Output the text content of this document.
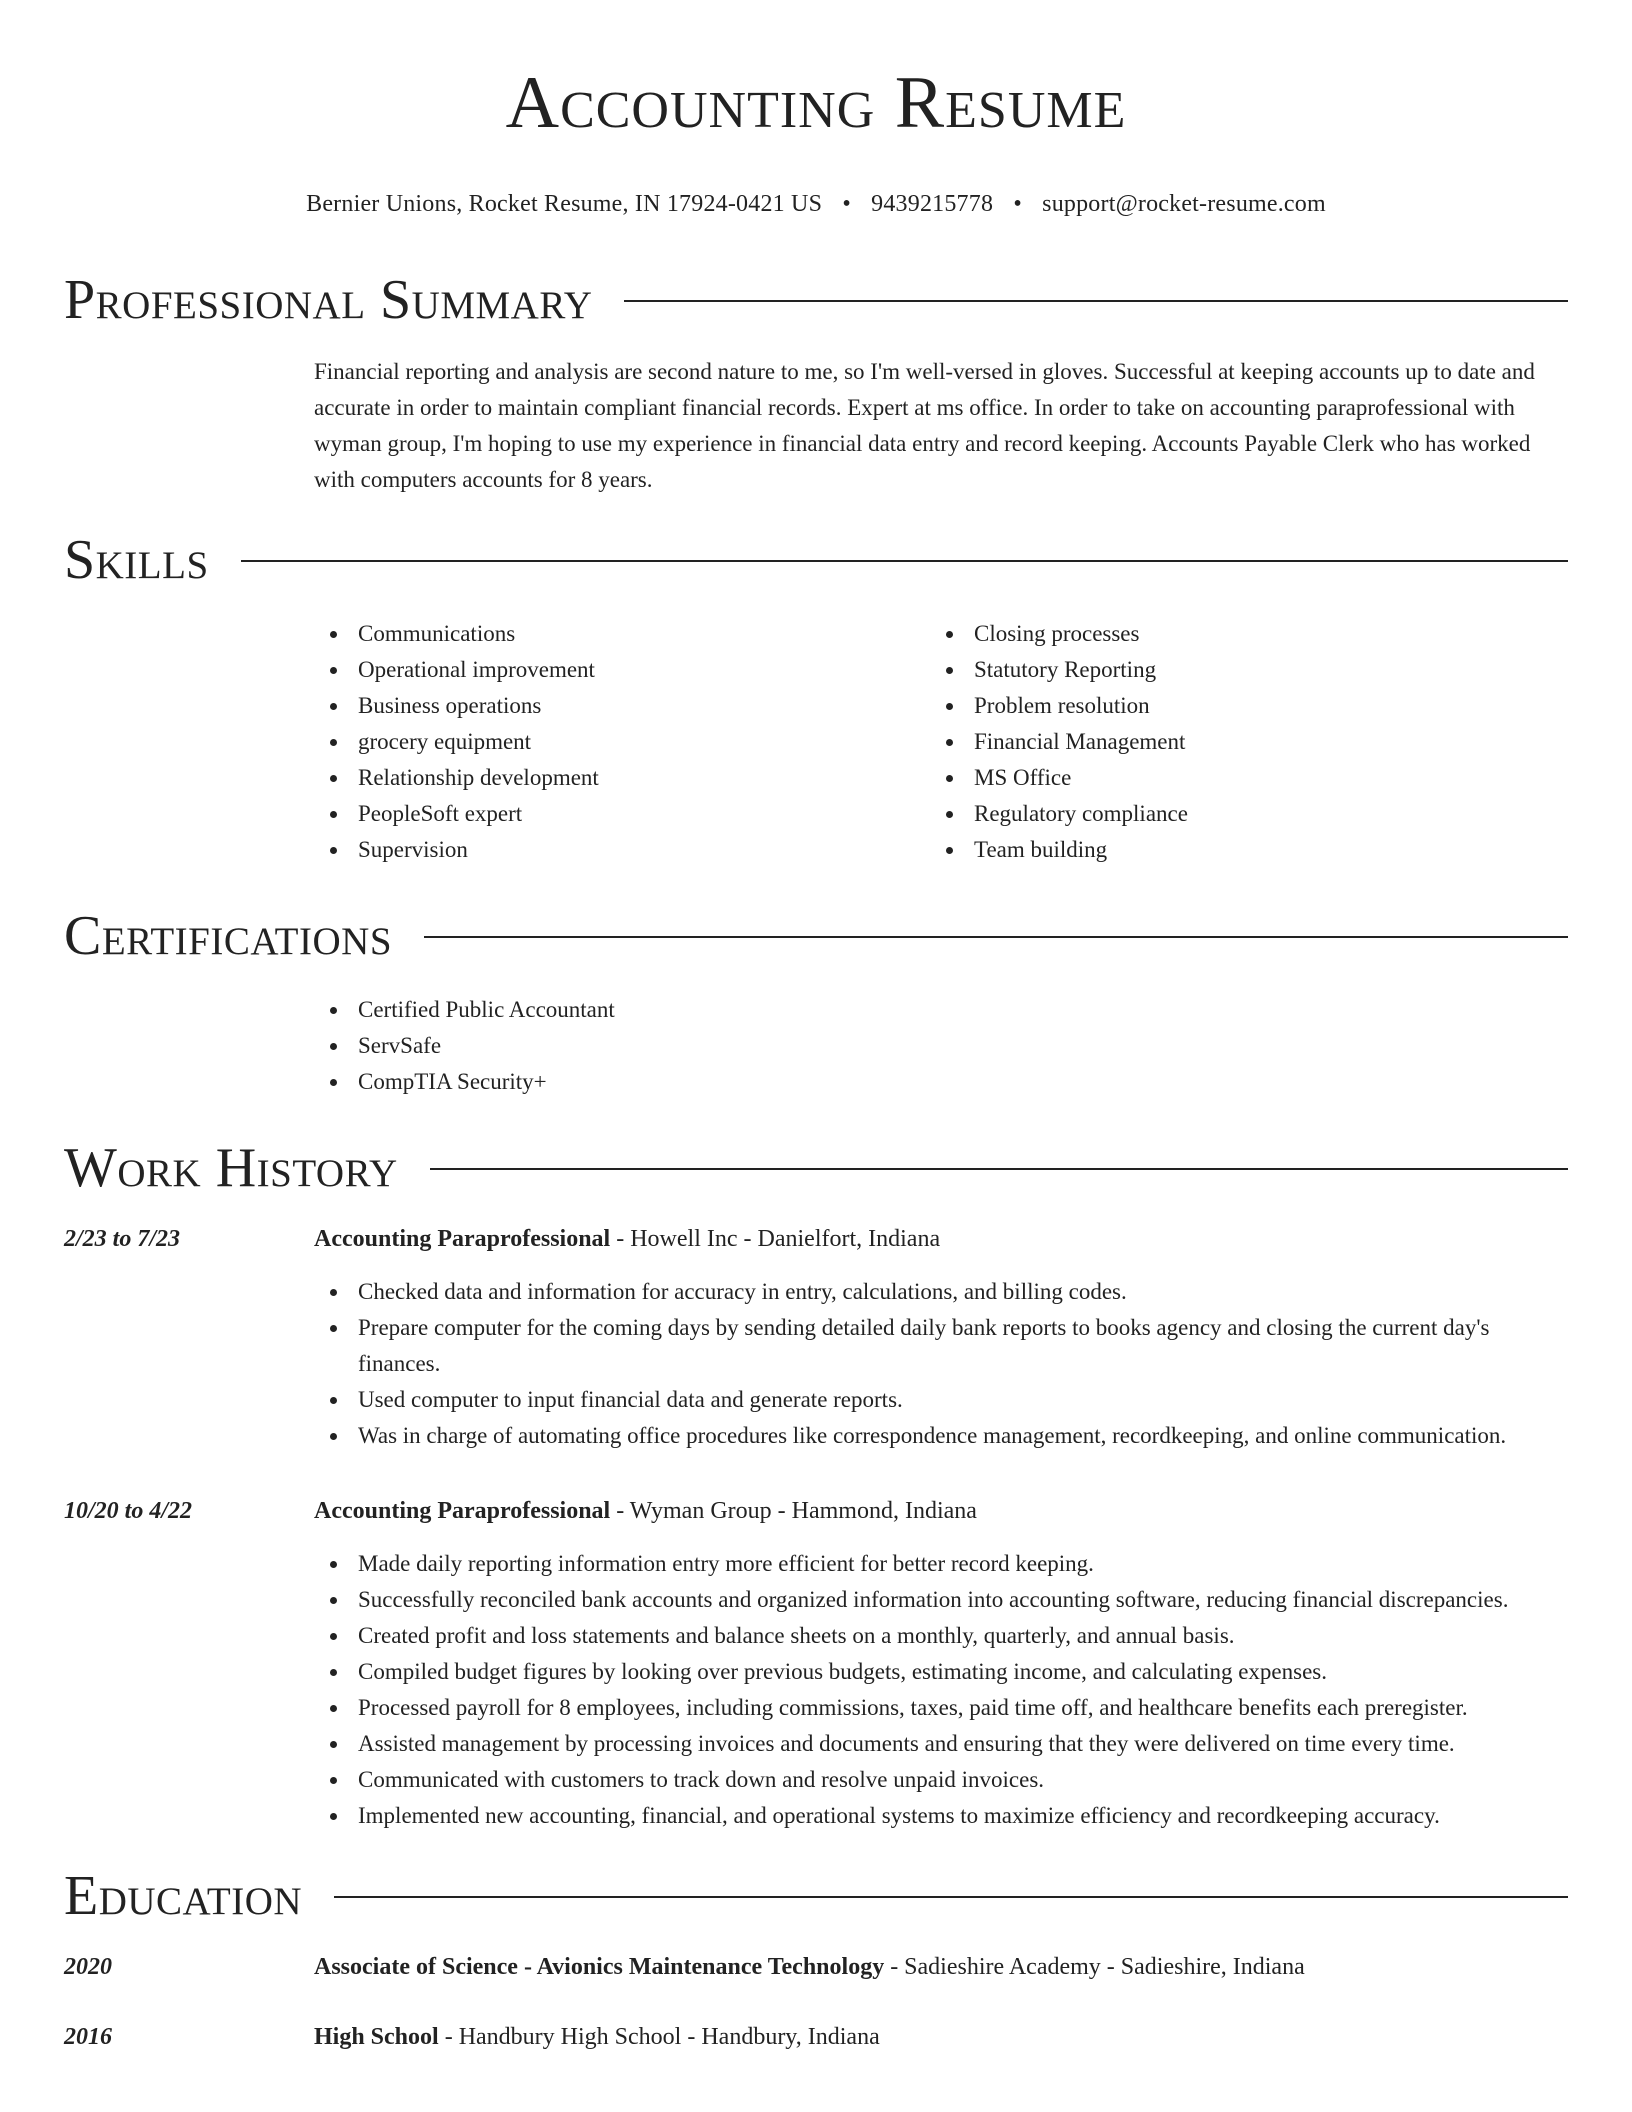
Accounting Resume
Bernier Unions, Rocket Resume, IN 17924-0421 US • 9439215778 • support@rocket-resume.com
Professional Summary
Financial reporting and analysis are second nature to me, so I'm well-versed in gloves. Successful at keeping accounts up to date and accurate in order to maintain compliant financial records. Expert at ms office. In order to take on accounting paraprofessional with wyman group, I'm hoping to use my experience in financial data entry and record keeping. Accounts Payable Clerk who has worked with computers accounts for 8 years.
Skills
Communications
Operational improvement
Business operations
grocery equipment
Relationship development
PeopleSoft expert
Supervision
Closing processes
Statutory Reporting
Problem resolution
Financial Management
MS Office
Regulatory compliance
Team building
Certifications
Certified Public Accountant
ServSafe
CompTIA Security+
Work History
2/23 to 7/23	Accounting Paraprofessional - Howell Inc - Danielfort, Indiana
Checked data and information for accuracy in entry, calculations, and billing codes.
Prepare computer for the coming days by sending detailed daily bank reports to books agency and closing the current day's finances.
Used computer to input financial data and generate reports.
Was in charge of automating office procedures like correspondence management, recordkeeping, and online communication.
10/20 to 4/22	Accounting Paraprofessional - Wyman Group - Hammond, Indiana
Made daily reporting information entry more efficient for better record keeping.
Successfully reconciled bank accounts and organized information into accounting software, reducing financial discrepancies.
Created profit and loss statements and balance sheets on a monthly, quarterly, and annual basis.
Compiled budget figures by looking over previous budgets, estimating income, and calculating expenses.
Processed payroll for 8 employees, including commissions, taxes, paid time off, and healthcare benefits each preregister.
Assisted management by processing invoices and documents and ensuring that they were delivered on time every time.
Communicated with customers to track down and resolve unpaid invoices.
Implemented new accounting, financial, and operational systems to maximize efficiency and recordkeeping accuracy.
Education
2020	Associate of Science - Avionics Maintenance Technology - Sadieshire Academy - Sadieshire, Indiana
2016	High School - Handbury High School - Handbury, Indiana
